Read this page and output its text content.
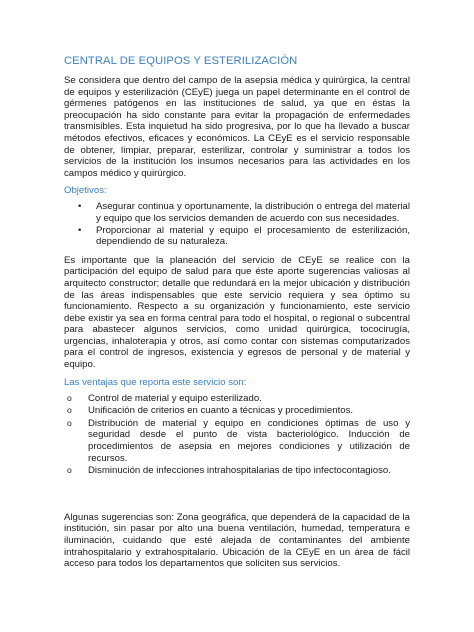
CENTRAL DE EQUIPOS Y ESTERILIZACIÓN

Se considera que dentro del campo de la asepsia médica y quirúrgica, la central de equipos y esterilización (CEyE) juega un papel determinante en el control de gérmenes patógenos en las instituciones de salud, ya que en éstas la preocupación ha sido constante para evitar la propagación de enfermedades transmisibles. Esta inquietud ha sido progresiva, por lo que ha llevado a buscar métodos efectivos, eficaces y económicos. La CEyE es el servicio responsable de obtener, limpiar, preparar, esterilizar, controlar y suministrar a todos los servicios de la institución los insumos necesarios para las actividades en los campos médico y quirúrgico.

Objetivos:
• Asegurar continua y oportunamente, la distribución o entrega del material y equipo que los servicios demanden de acuerdo con sus necesidades.
• Proporcionar al material y equipo el procesamiento de esterilización, dependiendo de su naturaleza.

Es importante que la planeación del servicio de CEyE se realice con la participación del equipo de salud para que éste aporte sugerencias valiosas al arquitecto constructor; detalle que redundará en la mejor ubicación y distribución de las áreas indispensables que este servicio requiera y sea óptimo su funcionamiento. Respecto a su organización y funcionamiento, este servicio debe existir ya sea en forma central para todo el hospital, o regional o subcentral para abastecer algunos servicios, como unidad quirúrgica, tococirugía, urgencias, inhaloterapia y otros, así como contar con sistemas computarizados para el control de ingresos, existencia y egresos de personal y de material y equipo.

Las ventajas que reporta este servicio son:
o Control de material y equipo esterilizado.
o Unificación de criterios en cuanto a técnicas y procedimientos.
o Distribución de material y equipo en condiciones óptimas de uso y seguridad desde el punto de vista bacteriológico. Inducción de procedimientos de asepsia en mejores condiciones y utilización de recursos.
o Disminución de infecciones intrahospitalarias de tipo infectocontagioso.

Algunas sugerencias son: Zona geográfica, que dependerá de la capacidad de la institución, sin pasar por alto una buena ventilación, humedad, temperatura e iluminación, cuidando que esté alejada de contaminantes del ambiente intrahospitalario y extrahospitalario. Ubicación de la CEyE en un área de fácil acceso para todos los departamentos que soliciten sus servicios.
